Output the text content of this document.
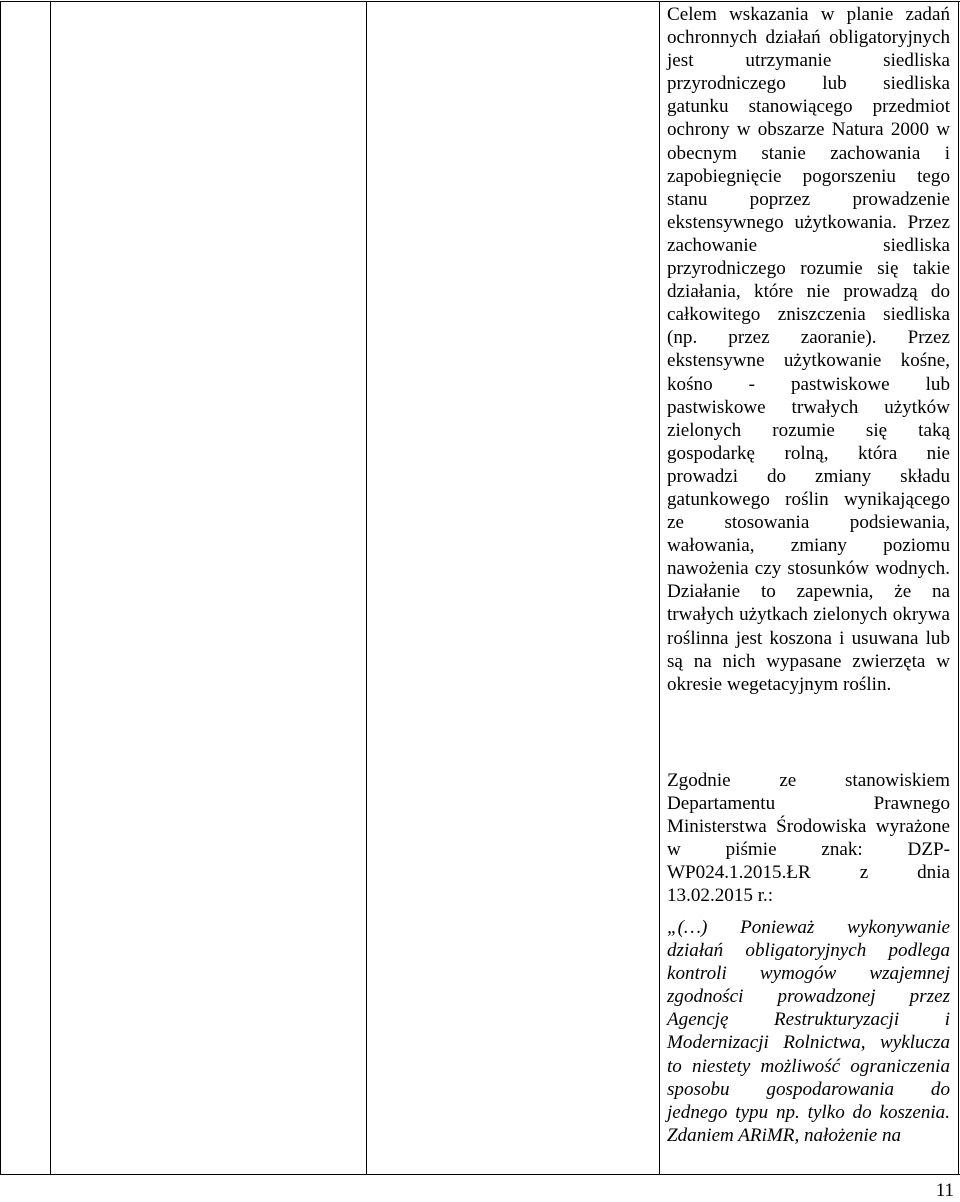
Celem wskazania w planie zadań ochronnych działań obligatoryjnych jest utrzymanie siedliska przyrodniczego lub siedliska gatunku stanowiącego przedmiot ochrony w obszarze Natura 2000 w obecnym stanie zachowania i zapobiegnięcie pogorszeniu tego stanu poprzez prowadzenie ekstensywnego użytkowania. Przez zachowanie siedliska przyrodniczego rozumie się takie działania, które nie prowadzą do całkowitego zniszczenia siedliska (np. przez zaoranie). Przez ekstensywne użytkowanie kośne, kośno - pastwiskowe lub pastwiskowe trwałych użytków zielonych rozumie się taką gospodarkę rolną, która nie prowadzi do zmiany składu gatunkowego roślin wynikającego ze stosowania podsiewania, wałowania, zmiany poziomu nawożenia czy stosunków wodnych. Działanie to zapewnia, że na trwałych użytkach zielonych okrywa roślinna jest koszona i usuwana lub są na nich wypasane zwierzęta w okresie wegetacyjnym roślin.

Zgodnie ze stanowiskiem Departamentu Prawnego Ministerstwa Środowiska wyrażone w piśmie znak: DZP-WP024.1.2015.ŁR z dnia 13.02.2015 r.:

„(…) Ponieważ wykonywanie działań obligatoryjnych podlega kontroli wymogów wzajemnej zgodności prowadzonej przez Agencję Restrukturyzacji i Modernizacji Rolnictwa, wyklucza to niestety możliwość ograniczenia sposobu gospodarowania do jednego typu np. tylko do koszenia. Zdaniem ARiMR, nałożenie na

11
